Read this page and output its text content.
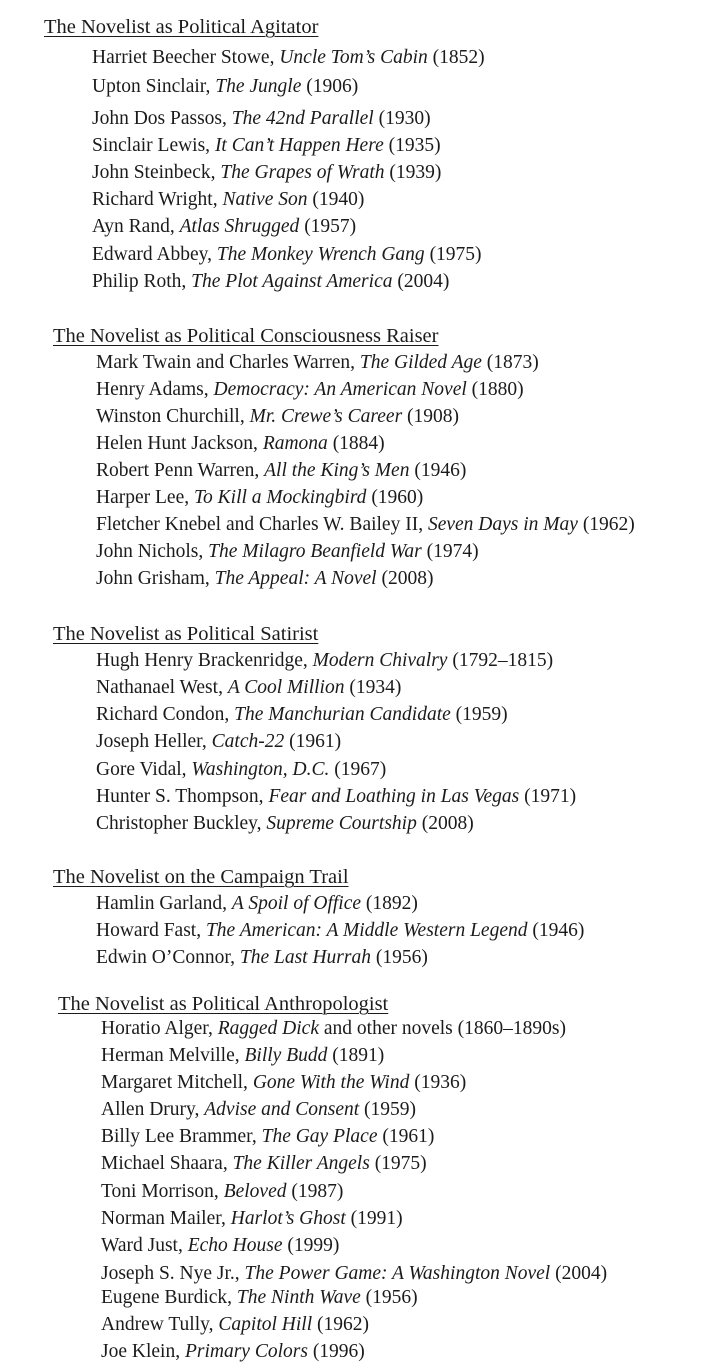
The Novelist as Political Agitator
Harriet Beecher Stowe, Uncle Tom’s Cabin (1852)
Upton Sinclair, The Jungle (1906)
John Dos Passos, The 42nd Parallel (1930)
Sinclair Lewis, It Can’t Happen Here (1935)
John Steinbeck, The Grapes of Wrath (1939)
Richard Wright, Native Son (1940)
Ayn Rand, Atlas Shrugged (1957)
Edward Abbey, The Monkey Wrench Gang (1975)
Philip Roth, The Plot Against America (2004)
The Novelist as Political Consciousness Raiser
Mark Twain and Charles Warren, The Gilded Age (1873)
Henry Adams, Democracy: An American Novel (1880)
Winston Churchill, Mr. Crewe’s Career (1908)
Helen Hunt Jackson, Ramona (1884)
Robert Penn Warren, All the King’s Men (1946)
Harper Lee, To Kill a Mockingbird (1960)
Fletcher Knebel and Charles W. Bailey II, Seven Days in May (1962)
John Nichols, The Milagro Beanfield War (1974)
John Grisham, The Appeal: A Novel (2008)
The Novelist as Political Satirist
Hugh Henry Brackenridge, Modern Chivalry (1792–1815)
Nathanael West, A Cool Million (1934)
Richard Condon, The Manchurian Candidate (1959)
Joseph Heller, Catch-22 (1961)
Gore Vidal, Washington, D.C. (1967)
Hunter S. Thompson, Fear and Loathing in Las Vegas (1971)
Christopher Buckley, Supreme Courtship (2008)
The Novelist on the Campaign Trail
Hamlin Garland, A Spoil of Office (1892)
Howard Fast, The American: A Middle Western Legend (1946)
Edwin O’Connor, The Last Hurrah (1956)
The Novelist as Political Anthropologist
Horatio Alger, Ragged Dick and other novels (1860–1890s)
Herman Melville, Billy Budd (1891)
Margaret Mitchell, Gone With the Wind (1936)
Allen Drury, Advise and Consent (1959)
Billy Lee Brammer, The Gay Place (1961)
Michael Shaara, The Killer Angels (1975)
Toni Morrison, Beloved (1987)
Norman Mailer, Harlot’s Ghost (1991)
Ward Just, Echo House (1999)
Joseph S. Nye Jr., The Power Game: A Washington Novel (2004)
Eugene Burdick, The Ninth Wave (1956)
Andrew Tully, Capitol Hill (1962)
Joe Klein, Primary Colors (1996)
